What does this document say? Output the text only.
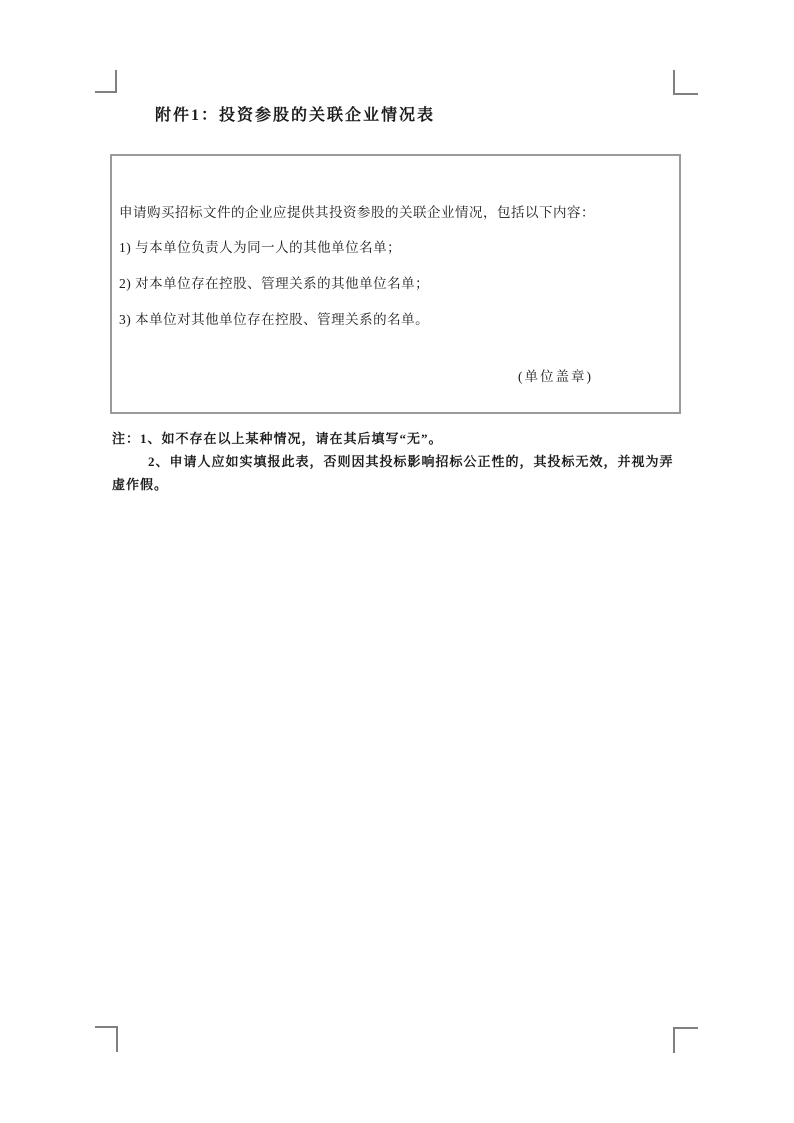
附件1：投资参股的关联企业情况表
申请购买招标文件的企业应提供其投资参股的关联企业情况，包括以下内容：
1) 与本单位负责人为同一人的其他单位名单；
2) 对本单位存在控股、管理关系的其他单位名单；
3) 本单位对其他单位存在控股、管理关系的名单。
(单位盖章)
注：1、如不存在以上某种情况，请在其后填写“无”。
2、申请人应如实填报此表，否则因其投标影响招标公正性的，其投标无效，并视为弄
虚作假。
